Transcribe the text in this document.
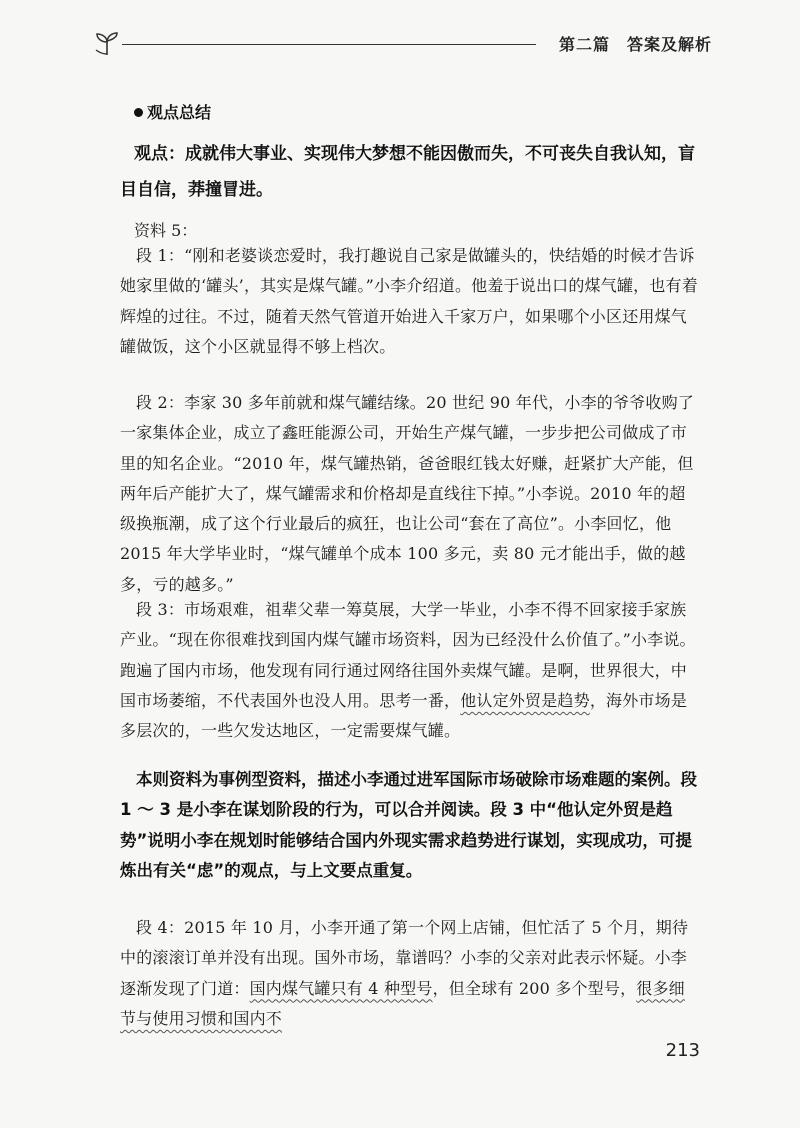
第二篇　答案及解析
观点总结
观点：成就伟大事业、实现伟大梦想不能因傲而失，不可丧失自我认知，盲目自信，莽撞冒进。
资料 5：
段 1：“刚和老婆谈恋爱时，我打趣说自己家是做罐头的，快结婚的时候才告诉她家里做的‘罐头’，其实是煤气罐。”小李介绍道。他羞于说出口的煤气罐，也有着辉煌的过往。不过，随着天然气管道开始进入千家万户，如果哪个小区还用煤气罐做饭，这个小区就显得不够上档次。
段 2：李家 30 多年前就和煤气罐结缘。20 世纪 90 年代，小李的爷爷收购了一家集体企业，成立了鑫旺能源公司，开始生产煤气罐，一步步把公司做成了市里的知名企业。“2010 年，煤气罐热销，爸爸眼红钱太好赚，赶紧扩大产能，但两年后产能扩大了，煤气罐需求和价格却是直线往下掉。”小李说。2010 年的超级换瓶潮，成了这个行业最后的疯狂，也让公司“套在了高位”。小李回忆，他 2015 年大学毕业时，“煤气罐单个成本 100 多元，卖 80 元才能出手，做的越多，亏的越多。”
段 3：市场艰难，祖辈父辈一筹莫展，大学一毕业，小李不得不回家接手家族产业。“现在你很难找到国内煤气罐市场资料，因为已经没什么价值了。”小李说。跑遍了国内市场，他发现有同行通过网络往国外卖煤气罐。是啊，世界很大，中国市场萎缩，不代表国外也没人用。思考一番，他认定外贸是趋势，海外市场是多层次的，一些欠发达地区，一定需要煤气罐。
本则资料为事例型资料，描述小李通过进军国际市场破除市场难题的案例。段 1 ～ 3 是小李在谋划阶段的行为，可以合并阅读。段 3 中“他认定外贸是趋势”说明小李在规划时能够结合国内外现实需求趋势进行谋划，实现成功，可提炼出有关“虑”的观点，与上文要点重复。
段 4：2015 年 10 月，小李开通了第一个网上店铺，但忙活了 5 个月，期待中的滚滚订单并没有出现。国外市场，靠谱吗？小李的父亲对此表示怀疑。小李逐渐发现了门道：国内煤气罐只有 4 种型号，但全球有 200 多个型号，很多细节与使用习惯和国内不
213
